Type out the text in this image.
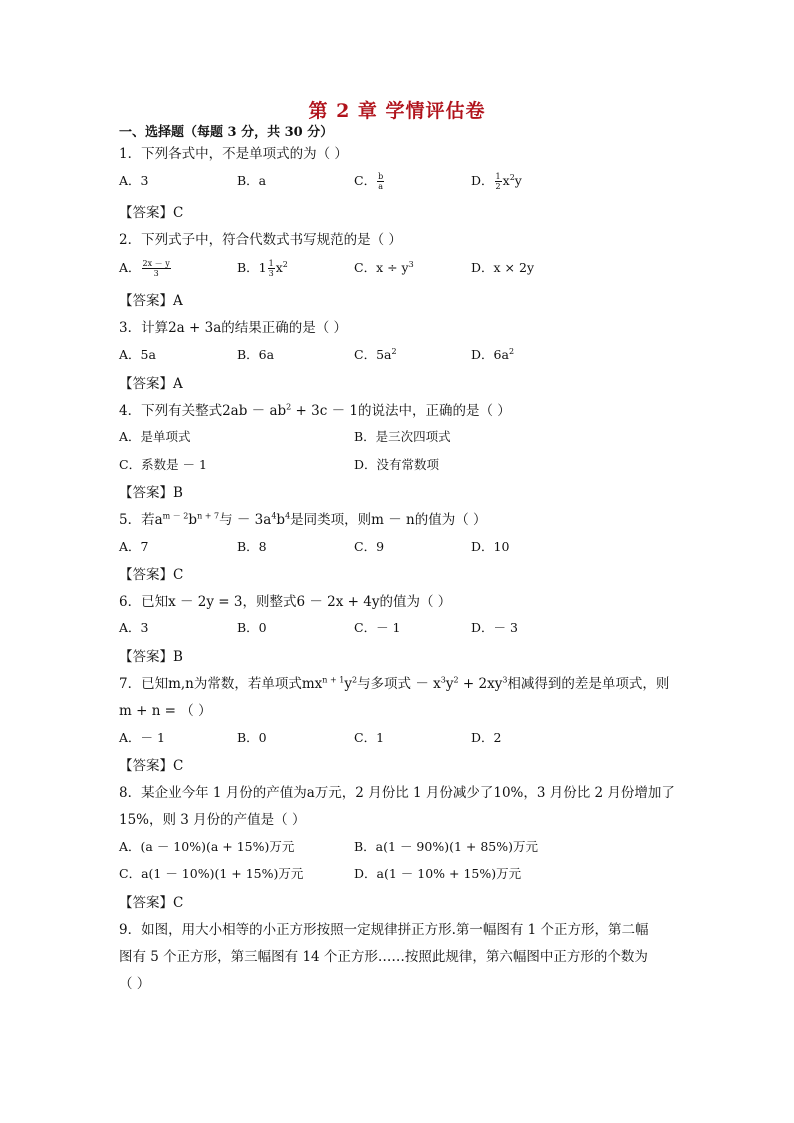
第 2 章 学情评估卷
一、选择题（每题 3 分，共 30 分）
1．下列各式中，不是单项式的为（ ）
A．3	B．a	C． $\frac{b}{a}$	D． $\frac{1}{2} x^2y$
【答案】C
2．下列式子中，符合代数式书写规范的是（ ）
A． $\frac{2x - y}{3}$	B．$1 \frac{1}{3} x^2$	C．$x \div y^3$	D．x × 2y
【答案】A
3．计算2a + 3a的结果正确的是（ ）
A．5a	B．6a	C．$5a^2$	D．$6a^2$
【答案】A
4．下列有关整式$2ab - ab^2 + 3c - 1$的说法中，正确的是（ ）
A．是单项式	B．是三次四项式
C．系数是 － 1	D．没有常数项
【答案】B
5．若$a^{m - 2}b^{n + 7}$与 － $3a^4b^4$是同类项，则m － n的值为（ ）
A．7	B．8	C．9	D．10
【答案】C
6．已知x － 2y = 3，则整式6 － 2x + 4y的值为（ ）
A．3	B．0	C．－ 1	D．－ 3
【答案】B
7．已知m,n为常数，若单项式$mx^{n + 1}y^2$与多项式 － $x^3y^2 + 2xy^3$相减得到的差是单项式，则
m + n = （ ）
A．－ 1	B．0	C．1	D．2
【答案】C
8．某企业今年 1 月份的产值为a万元，2 月份比 1 月份减少了10%，3 月份比 2 月份增加了
15%，则 3 月份的产值是（ ）
A．(a － 10%)(a + 15%)万元	B．a(1 － 90%)(1 + 85%)万元
C．a(1 － 10%)(1 + 15%)万元	D．a(1 － 10% + 15%)万元
【答案】C
9．如图，用大小相等的小正方形按照一定规律拼正方形.第一幅图有 1 个正方形，第二幅
图有 5 个正方形，第三幅图有 14 个正方形……按照此规律，第六幅图中正方形的个数为
（ ）
